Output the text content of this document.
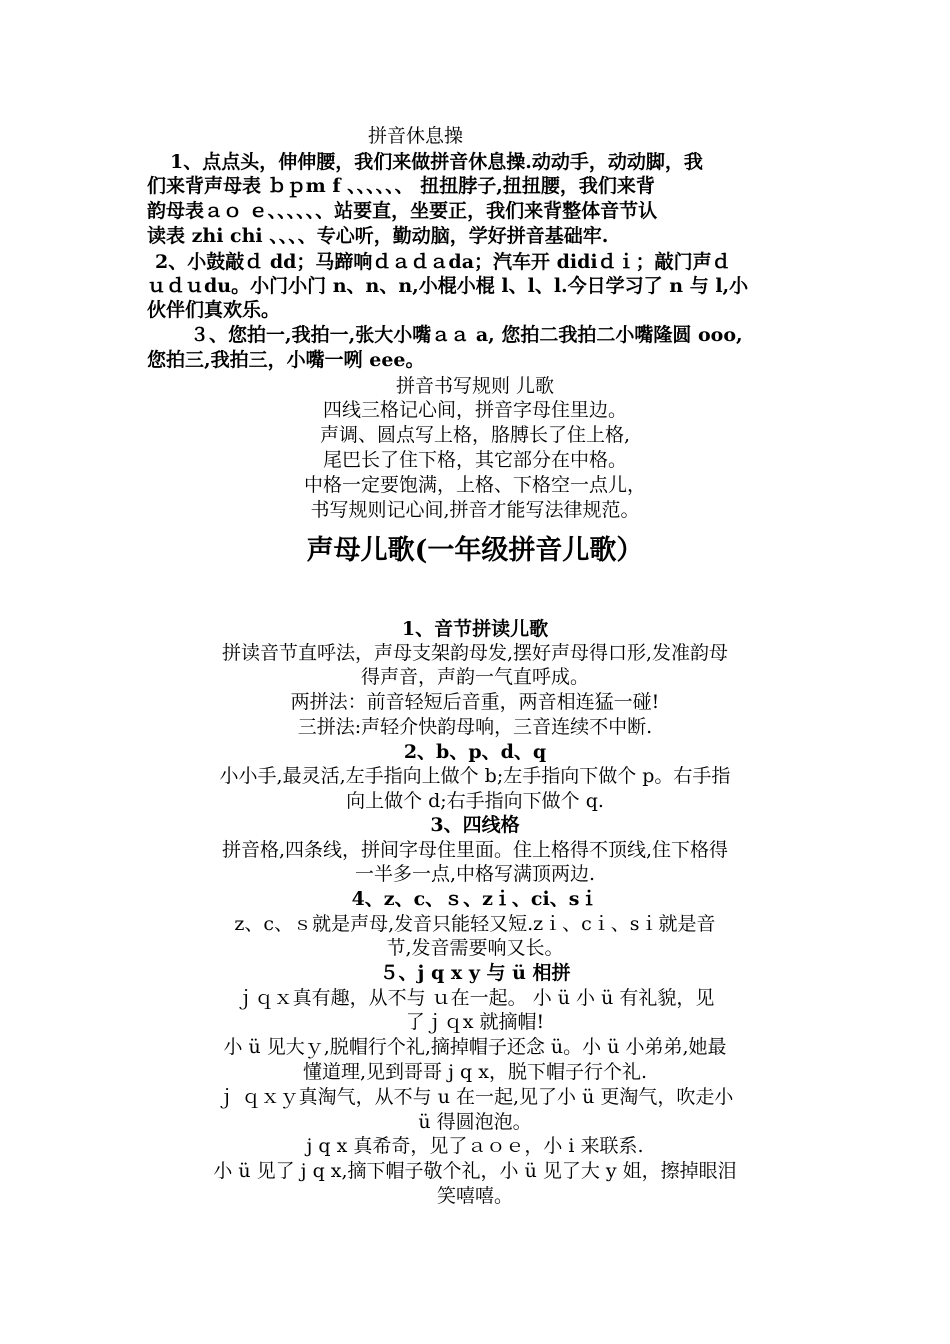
拼音休息操
1、点点头，伸伸腰，我们来做拼音休息操.动动手，动动脚，我
们来背声母表 ｂｐm f 、、、、、、 扭扭脖子,扭扭腰，我们来背
韵母表ａｏ ｅ、、、、、、站要直，坐要正，我们来背整体音节认
读表 zhi chi 、、、、专心听，勤动脑，学好拼音基础牢.
2、小鼓敲ｄ dd；马蹄响ｄａｄａda；汽车开 didiｄｉ；敲门声ｄ
ｕｄｕdu。小门小门 n、n、n,小棍小棍 l、l、l.今日学习了 n 与 l,小
伙伴们真欢乐。
３、您拍一,我拍一,张大小嘴ａａ a, 您拍二我拍二小嘴隆圆 ooo,
您拍三,我拍三，小嘴一咧 eee。
拼音书写规则 儿歌
四线三格记心间，拼音字母住里边。
声调、圆点写上格，胳膊长了住上格,
尾巴长了住下格，其它部分在中格。
中格一定要饱满，上格、下格空一点儿，
书写规则记心间,拼音才能写法律规范。
声母儿歌(一年级拼音儿歌）
1、音节拼读儿歌
拼读音节直呼法，声母支架韵母发,摆好声母得口形,发准韵母
得声音，声韵一气直呼成。
两拼法：前音轻短后音重，两音相连猛一碰!
三拼法:声轻介快韵母响，三音连续不中断.
2、b、p、d、q
小小手,最灵活,左手指向上做个 b;左手指向下做个 p。右手指
向上做个 d;右手指向下做个 q.
3、四线格
拼音格,四条线，拼间字母住里面。住上格得不顶线,住下格得
一半多一点,中格写满顶两边.
4、z、c、ｓ、zｉ、ci、sｉ
z、c、ｓ就是声母,发音只能轻又短.zｉ、cｉ、sｉ就是音
节,发音需要响又长。
５、j q x y 与 ü 相拼
ｊｑｘ真有趣，从不与 ｕ在一起。 小 ü 小 ü 有礼貌，见
了ｊｑx 就摘帽!
小 ü 见大ｙ,脱帽行个礼,摘掉帽子还念 ü。小 ü 小弟弟,她最
懂道理,见到哥哥 j q x，脱下帽子行个礼.
ｊ ｑｘｙ真淘气，从不与 u 在一起,见了小 ü 更淘气，吹走小
ü 得圆泡泡。
j q x 真希奇，见了ａｏｅ，小 i 来联系.
小 ü 见了 j q x,摘下帽子敬个礼，小 ü 见了大 y 姐，擦掉眼泪
笑嘻嘻。
